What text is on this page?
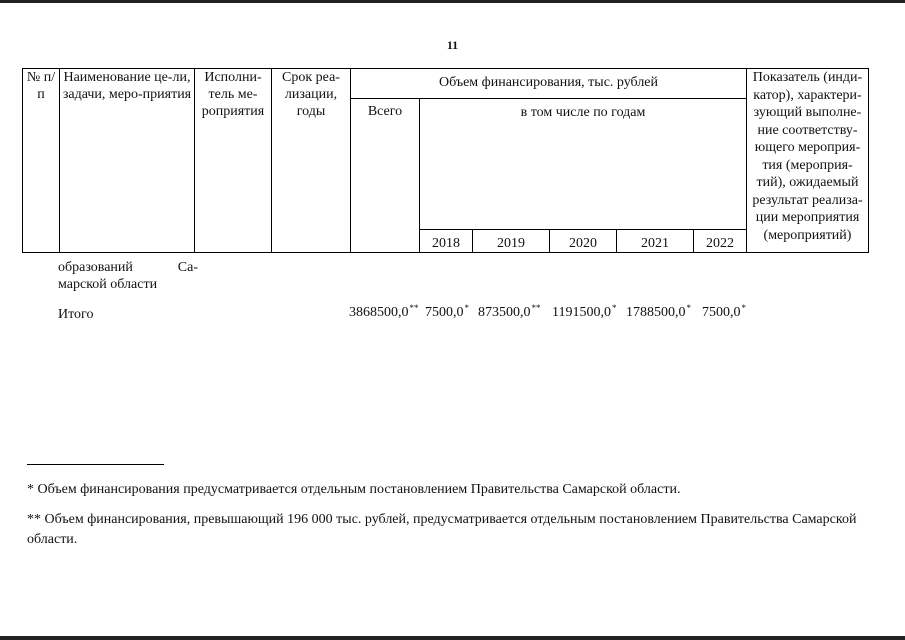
11
№ п/п	Наименование це-ли, задачи, меро-приятия	Исполни-тель ме-роприятия	Срок реа-лизации, годы	Объем финансирования, тыс. рублей						Показатель (инди-катор), характери-зующий выполне-ние соответству-ющего мероприя-тия (мероприя-тий), ожидаемый результат реализа-ции мероприятия (мероприятий)
				Всего	в том числе по годам					
					2018	2019	2020	2021	2022	
образований Са-марской области
Итого	3868500,0** 7500,0* 873500,0** 1191500,0* 1788500,0* 7500,0*
* Объем финансирования предусматривается отдельным постановлением Правительства Самарской области.
** Объем финансирования, превышающий 196 000 тыс. рублей, предусматривается отдельным постановлением Правительства Самарской области.
